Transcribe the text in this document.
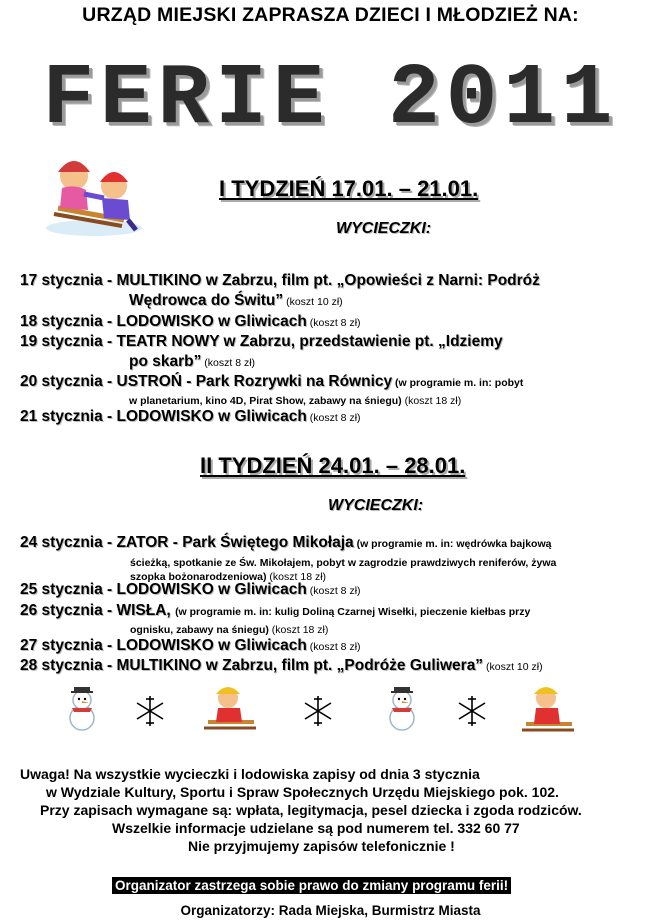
URZĄD MIEJSKI ZAPRASZA DZIECI I MŁODZIEŻ NA:
FERIE 2011
I TYDZIEŃ 17.01. – 21.01.
WYCIECZKI:
17 stycznia - MULTIKINO w Zabrzu, film pt. „Opowieści z Narni: Podróż
Wędrowca do Świtu” (koszt 10 zł)
18 stycznia - LODOWISKO w Gliwicach (koszt 8 zł)
19 stycznia - TEATR NOWY w Zabrzu, przedstawienie pt. „Idziemy
po skarb” (koszt 8 zł)
20 stycznia - USTROŃ - Park Rozrywki na Równicy (w programie m. in: pobyt
w planetarium, kino 4D, Pirat Show, zabawy na śniegu) (koszt 18 zł)
21 stycznia - LODOWISKO w Gliwicach (koszt 8 zł)
II TYDZIEŃ 24.01. – 28.01.
WYCIECZKI:
24 stycznia - ZATOR - Park Świętego Mikołaja (w programie m. in: wędrówka bajkową
ścieżką, spotkanie ze Św. Mikołajem, pobyt w zagrodzie prawdziwych reniferów, żywa
szopka bożonarodzeniowa) (koszt 18 zł)
25 stycznia - LODOWISKO w Gliwicach (koszt 8 zł)
26 stycznia - WISŁA, (w programie m. in: kulig Doliną Czarnej Wisełki, pieczenie kiełbas przy
ognisku, zabawy na śniegu) (koszt 18 zł)
27 stycznia - LODOWISKO w Gliwicach (koszt 8 zł)
28 stycznia - MULTIKINO w Zabrzu, film pt. „Podróże Guliwera” (koszt 10 zł)
Uwaga! Na wszystkie wycieczki i lodowiska zapisy od dnia 3 stycznia
w Wydziale Kultury, Sportu i Spraw Społecznych Urzędu Miejskiego pok. 102.
Przy zapisach wymagane są: wpłata, legitymacja, pesel dziecka i zgoda rodziców.
Wszelkie informacje udzielane są pod numerem tel. 332 60 77
Nie przyjmujemy zapisów telefonicznie !
Organizator zastrzega sobie prawo do zmiany programu ferii!
Organizatorzy: Rada Miejska, Burmistrz Miasta
